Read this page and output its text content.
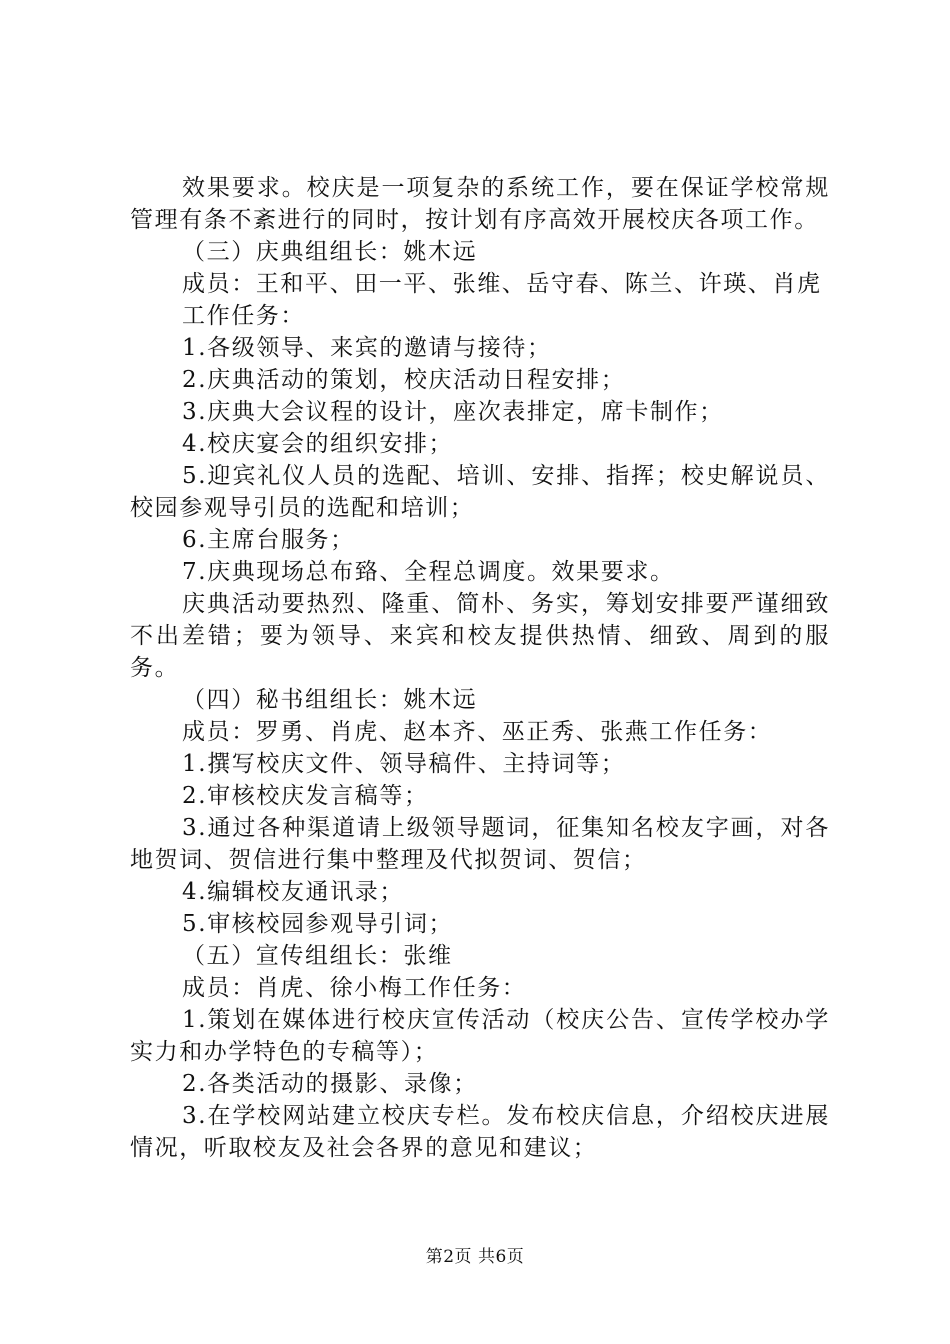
效果要求。校庆是一项复杂的系统工作，要在保证学校常规管理有条不紊进行的同时，按计划有序高效开展校庆各项工作。

（三）庆典组组长：姚木远

成员：王和平、田一平、张维、岳守春、陈兰、许瑛、肖虎

工作任务：

1.各级领导、来宾的邀请与接待；

2.庆典活动的策划，校庆活动日程安排；

3.庆典大会议程的设计，座次表排定，席卡制作；

4.校庆宴会的组织安排；

5.迎宾礼仪人员的选配、培训、安排、指挥；校史解说员、校园参观导引员的选配和培训；

6.主席台服务；

7.庆典现场总布臵、全程总调度。效果要求。

庆典活动要热烈、隆重、简朴、务实，筹划安排要严谨细致不出差错；要为领导、来宾和校友提供热情、细致、周到的服务。

（四）秘书组组长：姚木远

成员：罗勇、肖虎、赵本齐、巫正秀、张燕工作任务：

1.撰写校庆文件、领导稿件、主持词等；

2.审核校庆发言稿等；

3.通过各种渠道请上级领导题词，征集知名校友字画，对各地贺词、贺信进行集中整理及代拟贺词、贺信；

4.编辑校友通讯录；

5.审核校园参观导引词；

（五）宣传组组长：张维

成员：肖虎、徐小梅工作任务：

1.策划在媒体进行校庆宣传活动（校庆公告、宣传学校办学实力和办学特色的专稿等）；

2.各类活动的摄影、录像；

3.在学校网站建立校庆专栏。发布校庆信息，介绍校庆进展情况，听取校友及社会各界的意见和建议；

第2页 共6页
